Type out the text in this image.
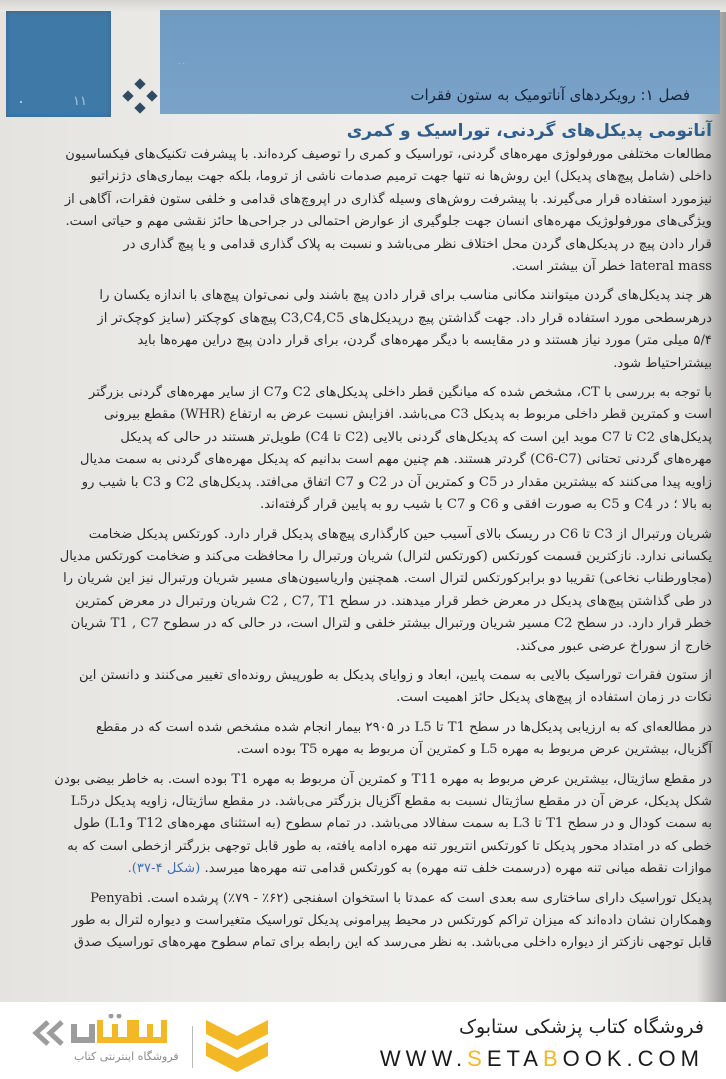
۱۱
..
فصل ۱: رویکردهای آناتومیک به ستون فقرات
آناتومی پدیکل‌های گردنی، توراسیک و کمری
مطالعات مختلفی مورفولوژی مهره‌های گردنی، توراسیک و کمری را توصیف کرده‌اند. با پیشرفت تکنیک‌های فیکساسیون
داخلی (شامل پیچ‌های پدیکل) این روش‌ها نه تنها جهت ترمیم صدمات ناشی از تروما، بلکه جهت بیماری‌های دژنراتیو
نیزمورد استفاده قرار می‌گیرند. با پیشرفت روش‌های وسیله گذاری در اپروچ‌های قدامی و خلفی ستون فقرات، آگاهی از
ویژگی‌های مورفولوژیک مهره‌های انسان جهت جلوگیری از عوارض احتمالی در جراحی‌ها حائز نقشی مهم و حیاتی است.
قرار دادن پیچ در پدیکل‌های گردن محل اختلاف نظر می‌باشد و نسبت به پلاک گذاری قدامی و یا پیچ گذاری در
lateral mass خطر آن بیشتر است.
هر چند پدیکل‌های گردن میتوانند مکانی مناسب برای قرار دادن پیچ باشند ولی نمی‌توان پیچ‌های با اندازه یکسان را
درهرسطحی مورد استفاده قرار داد. جهت گذاشتن پیچ درپدیکل‌های C3,C4,C5 پیچ‌های کوچکتر (سایز کوچک‌تر از
۵/۴ میلی متر) مورد نیاز هستند و در مقایسه با دیگر مهره‌های گردن، برای قرار دادن پیچ دراین مهره‌ها باید
بیشتراحتیاط شود.
با توجه به بررسی با CT، مشخص شده که میانگین قطر داخلی پدیکل‌های C2 وC7 از سایر مهره‌های گردنی بزرگتر
است و کمترین قطر داخلی مربوط به پدیکل C3 می‌باشد. افزایش نسبت عرض به ارتفاع (WHR) مقطع بیرونی
پدیکل‌های C2 تا C7 موید این است که پدیکل‌های گردنی بالایی (C2 تا C4) طویل‌تر هستند در حالی که پدیکل
مهره‌های گردنی تحتانی (C6-C7) گردتر هستند. هم چنین مهم است بدانیم که پدیکل مهره‌های گردنی به سمت مدیال
زاویه پیدا می‌کنند که بیشترین مقدار در C5 و کمترین آن در C2 و C7 اتفاق می‌افتد. پدیکل‌های C2 و C3 با شیب رو
به بالا ؛ در C4 و C5 به صورت افقی و C6 و C7 با شیب رو به پایین قرار گرفته‌اند.
شریان ورتبرال از C3 تا C6 در ریسک بالای آسیب حین کارگذاری پیچ‌های پدیکل قرار دارد. کورتکس پدیکل ضخامت
یکسانی ندارد. نازکترین قسمت کورتکس (کورتکس لترال) شریان ورتبرال را محافظت می‌کند و ضخامت کورتکس مدیال
(مجاورطناب نخاعی) تقریبا دو برابرکورتکس لترال است. همچنین واریاسیون‌های مسیر شریان ورتبرال نیز این شریان را
در طی گذاشتن پیچ‌های پدیکل در معرض خطر قرار میدهند. در سطح C2 , C7, T1 شریان ورتبرال در معرض کمترین
خطر قرار دارد. در سطح C2 مسیر شریان ورتبرال بیشتر خلفی و لترال است، در حالی که در سطوح T1 , C7 شریان
خارج از سوراخ عرضی عبور می‌کند.
از ستون فقرات توراسیک بالایی به سمت پایین، ابعاد و زوایای پدیکل به طورپیش رونده‌ای تغییر می‌کنند و دانستن این
نکات در زمان استفاده از پیچ‌های پدیکل حائز اهمیت است.
در مطالعه‌ای که به ارزیابی پدیکل‌ها در سطح T1 تا L5 در ۲۹۰۵ بیمار انجام شده مشخص شده است که در مقطع
آگزیال، بیشترین عرض مربوط به مهره L5 و کمترین آن مربوط به مهره T5 بوده است.
در مقطع ساژیتال، بیشترین عرض مربوط به مهره T11 و کمترین آن مربوط به مهره T1 بوده است. به خاطر بیضی بودن
شکل پدیکل، عرض آن در مقطع ساژیتال نسبت به مقطع آگزیال بزرگتر می‌باشد. در مقطع ساژیتال، زاویه پدیکل درL5
به سمت کودال و در سطح T1 تا L3 به سمت سفالاد می‌باشد. در تمام سطوح (به استثنای مهره‌های T12 وL1) طول
خطی که در امتداد محور پدیکل تا کورتکس انتریور تنه مهره ادامه یافته، به طور قابل توجهی بزرگتر ازخطی است که به
موازات نقطه میانی تنه مهره (درسمت خلف تنه مهره) به کورتکس قدامی تنه مهره‌ها میرسد. (شکل ۴-۳۷).
پدیکل توراسیک دارای ساختاری سه بعدی است که عمدتا با استخوان اسفنجی (۶۲٪ - ۷۹٪) پرشده است. Penyabi
وهمکاران نشان داده‌اند که میزان تراکم کورتکس در محیط پیرامونی پدیکل توراسیک متغیراست و دیواره لترال به طور
قابل توجهی نازکتر از دیواره داخلی می‌باشد. به نظر می‌رسد که این رابطه برای تمام سطوح مهره‌های توراسیک صدق
فروشگاه اینترنتی کتاب
فروشگاه کتاب پزشکی ستابوک
WWW.SETABOOK.COM
